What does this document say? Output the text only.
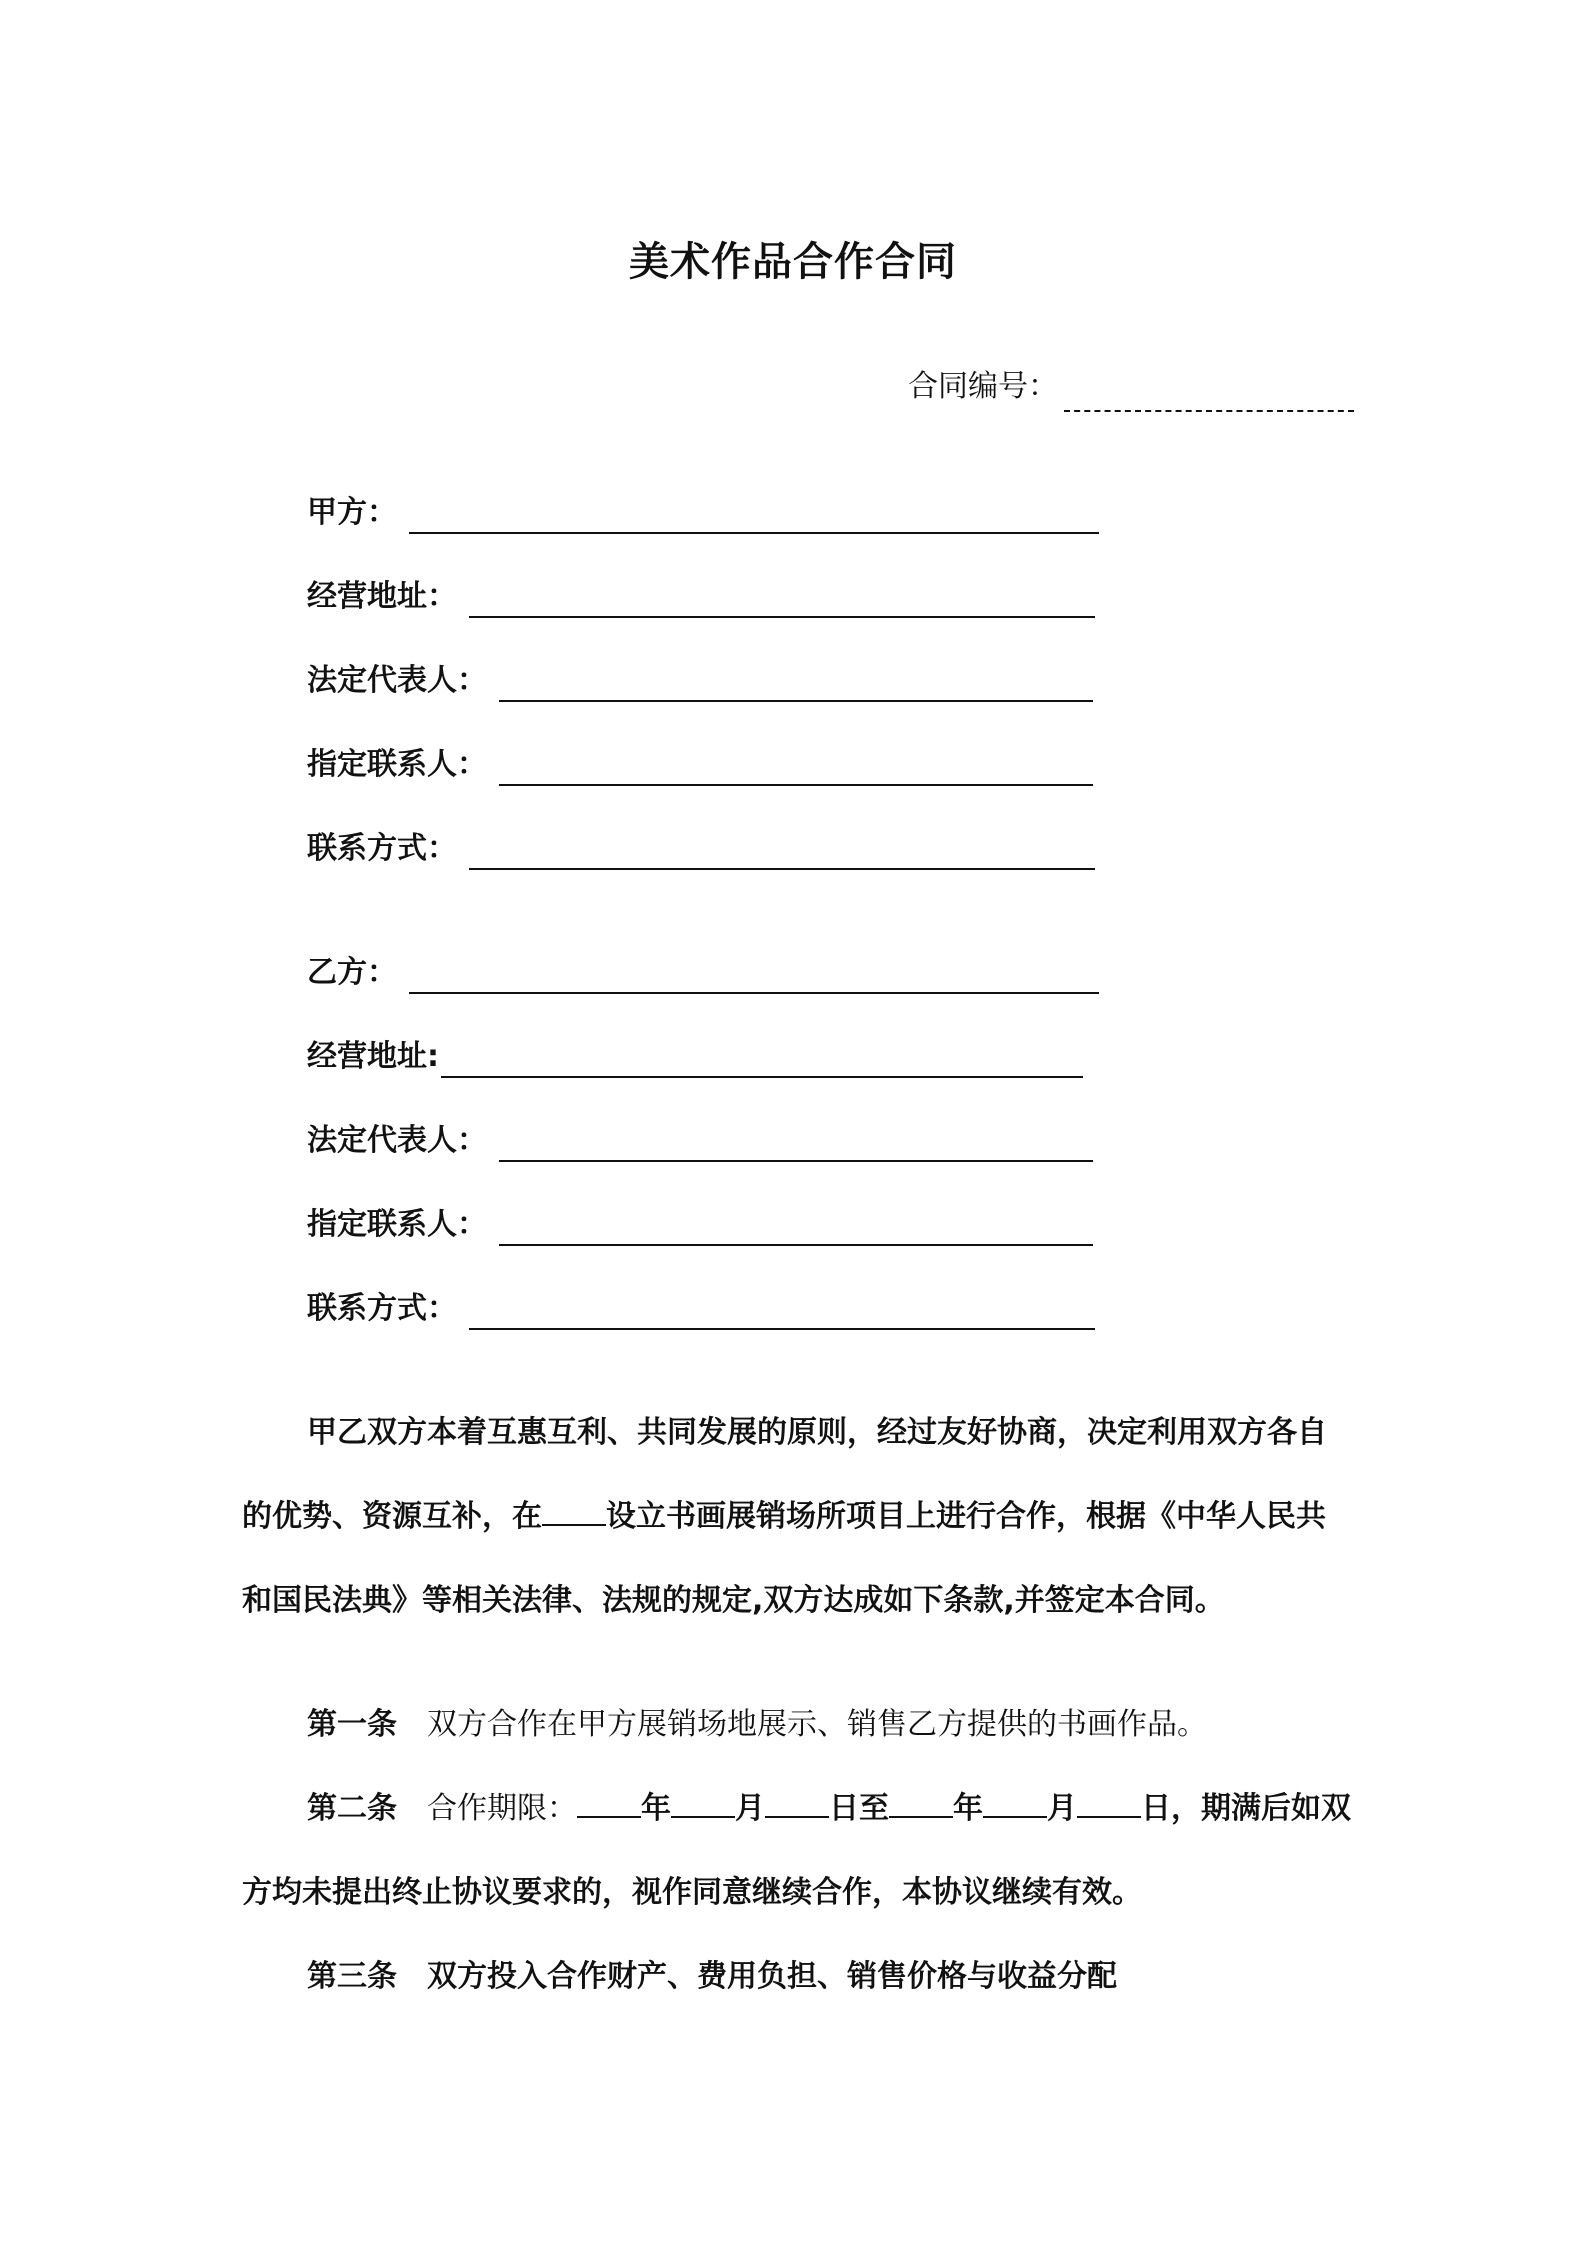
美术作品合作合同
合同编号：
甲方：
经营地址：
法定代表人：
指定联系人：
联系方式：
乙方：
经营地址:
法定代表人：
指定联系人：
联系方式：
甲乙双方本着互惠互利、共同发展的原则，经过友好协商，决定利用双方各自的优势、资源互补，在 设立书画展销场所项目上进行合作，根据《中华人民共和国民法典》等相关法律、法规的规定,双方达成如下条款,并签定本合同。
第一条 双方合作在甲方展销场地展示、销售乙方提供的书画作品。
第二条 合作期限： 年 月 日至 年 月 日，期满后如双方均未提出终止协议要求的，视作同意继续合作，本协议继续有效。
第三条 双方投入合作财产、费用负担、销售价格与收益分配
